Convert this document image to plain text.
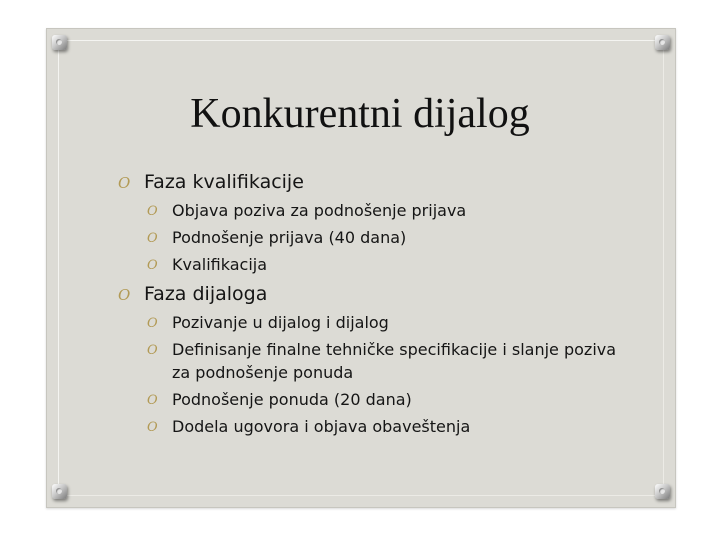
Konkurentni dijalog
O Faza kvalifikacije
O Objava poziva za podnošenje prijava
O Podnošenje prijava (40 dana)
O Kvalifikacija
O Faza dijaloga
O Pozivanje u dijalog i dijalog
O Definisanje finalne tehničke specifikacije i slanje poziva za podnošenje ponuda
O Podnošenje ponuda (20 dana)
O Dodela ugovora i objava obaveštenja
